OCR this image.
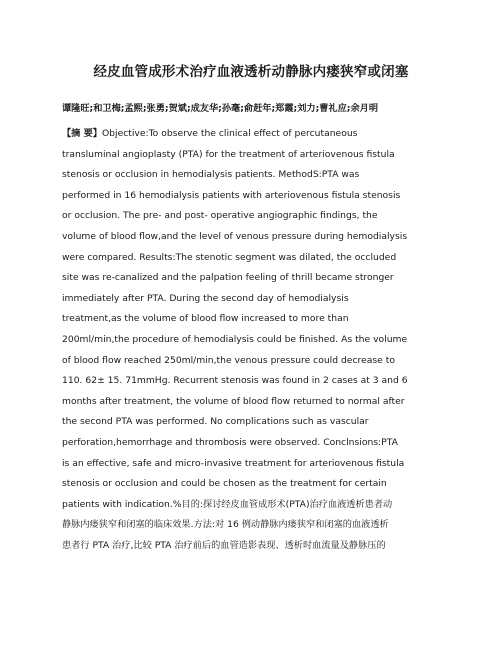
经皮血管成形术治疗血液透析动静脉内瘘狭窄或闭塞
谭隆旺;和卫梅;孟熙;张勇;贺斌;成友华;孙毫;俞赶年;郑霞;刘力;曹礼应;余月明
【摘 要】Objective:To observe the clinical effect of percutaneous
transluminal angioplasty (PTA) for the treatment of arteriovenous fistula
stenosis or occlusion in hemodialysis patients. MethodS:PTA was
performed in 16 hemodialysis patients with arteriovenous fistula stenosis
or occlusion. The pre- and post- operative angiographic findings, the
volume of blood flow,and the level of venous pressure during hemodialysis
were compared. Results:The stenotic segment was dilated, the occluded
site was re-canalized and the palpation feeling of thrill became stronger
immediately after PTA. During the second day of hemodialysis
treatment,as the volume of blood flow increased to more than
200ml/min,the procedure of hemodialysis could be finished. As the volume
of blood flow reached 250ml/min,the venous pressure could decrease to
110. 62± 15. 71mmHg. Recurrent stenosis was found in 2 cases at 3 and 6
months after treatment, the volume of blood flow returned to normal after
the second PTA was performed. No complications such as vascular
perforation,hemorrhage and thrombosis were observed. Conclnsions:PTA
is an effective, safe and micro-invasive treatment for arteriovenous fistula
stenosis or occlusion and could be chosen as the treatment for certain
patients with indication.%目的:探讨经皮血管成形术(PTA)治疗血液透析患者动
静脉内瘘狭窄和闭塞的临床效果.方法:对 16 例动静脉内瘘狭窄和闭塞的血液透析
患者行 PTA 治疗,比较 PTA 治疗前后的血管造影表现、透析时血流量及静脉压的
